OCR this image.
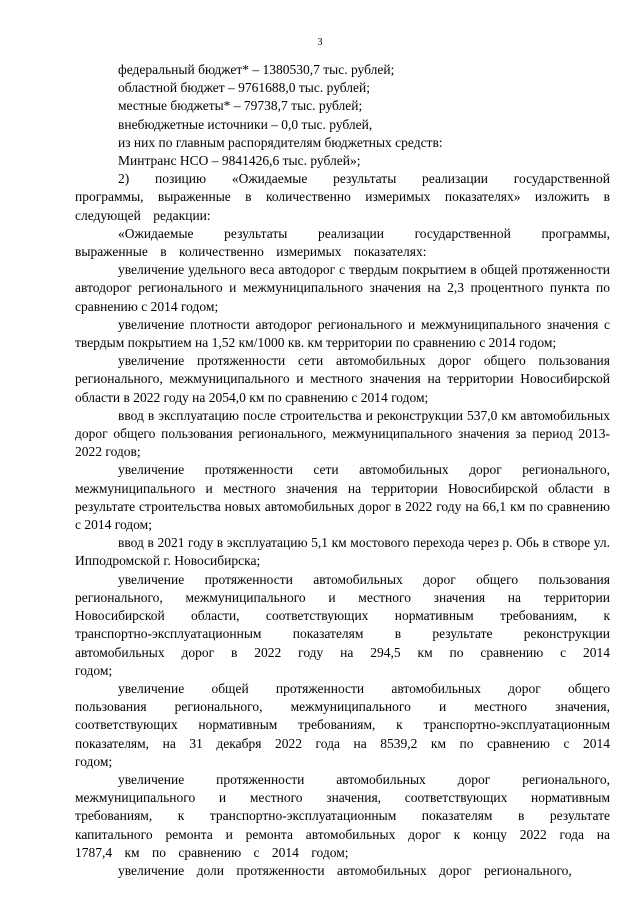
3

федеральный бюджет* – 1380530,7 тыс. рублей;

областной бюджет – 9761688,0 тыс. рублей;

местные бюджеты* – 79738,7 тыс. рублей;

внебюджетные источники – 0,0 тыс. рублей,

из них по главным распорядителям бюджетных средств:

Минтранс НСО – 9841426,6 тыс. рублей»;

2) позицию «Ожидаемые результаты реализации государственной программы, выраженные в количественно измеримых показателях» изложить в следующей редакции:

«Ожидаемые результаты реализации государственной программы, выраженные в количественно измеримых показателях:

увеличение удельного веса автодорог с твердым покрытием в общей протяженности автодорог регионального и межмуниципального значения на 2,3 процентного пункта по сравнению с 2014 годом;

увеличение плотности автодорог регионального и межмуниципального значения с твердым покрытием на 1,52 км/1000 кв. км территории по сравнению с 2014 годом;

увеличение протяженности сети автомобильных дорог общего пользования регионального, межмуниципального и местного значения на территории Новосибирской области в 2022 году на 2054,0 км по сравнению с 2014 годом;

ввод в эксплуатацию после строительства и реконструкции 537,0 км автомобильных дорог общего пользования регионального, межмуниципального значения за период 2013-2022 годов;

увеличение протяженности сети автомобильных дорог регионального, межмуниципального и местного значения на территории Новосибирской области в результате строительства новых автомобильных дорог в 2022 году на 66,1 км по сравнению с 2014 годом;

ввод в 2021 году в эксплуатацию 5,1 км мостового перехода через р. Обь в створе ул. Ипподромской г. Новосибирска;

увеличение протяженности автомобильных дорог общего пользования регионального, межмуниципального и местного значения на территории Новосибирской области, соответствующих нормативным требованиям, к транспортно-эксплуатационным показателям в результате реконструкции автомобильных дорог в 2022 году на 294,5 км по сравнению с 2014 годом;

увеличение общей протяженности автомобильных дорог общего пользования регионального, межмуниципального и местного значения, соответствующих нормативным требованиям, к транспортно-эксплуатационным показателям, на 31 декабря 2022 года на 8539,2 км по сравнению с 2014 годом;

увеличение протяженности автомобильных дорог регионального, межмуниципального и местного значения, соответствующих нормативным требованиям, к транспортно-эксплуатационным показателям в результате капитального ремонта и ремонта автомобильных дорог к концу 2022 года на 1787,4 км по сравнению с 2014 годом;

увеличение доли протяженности автомобильных дорог регионального,
